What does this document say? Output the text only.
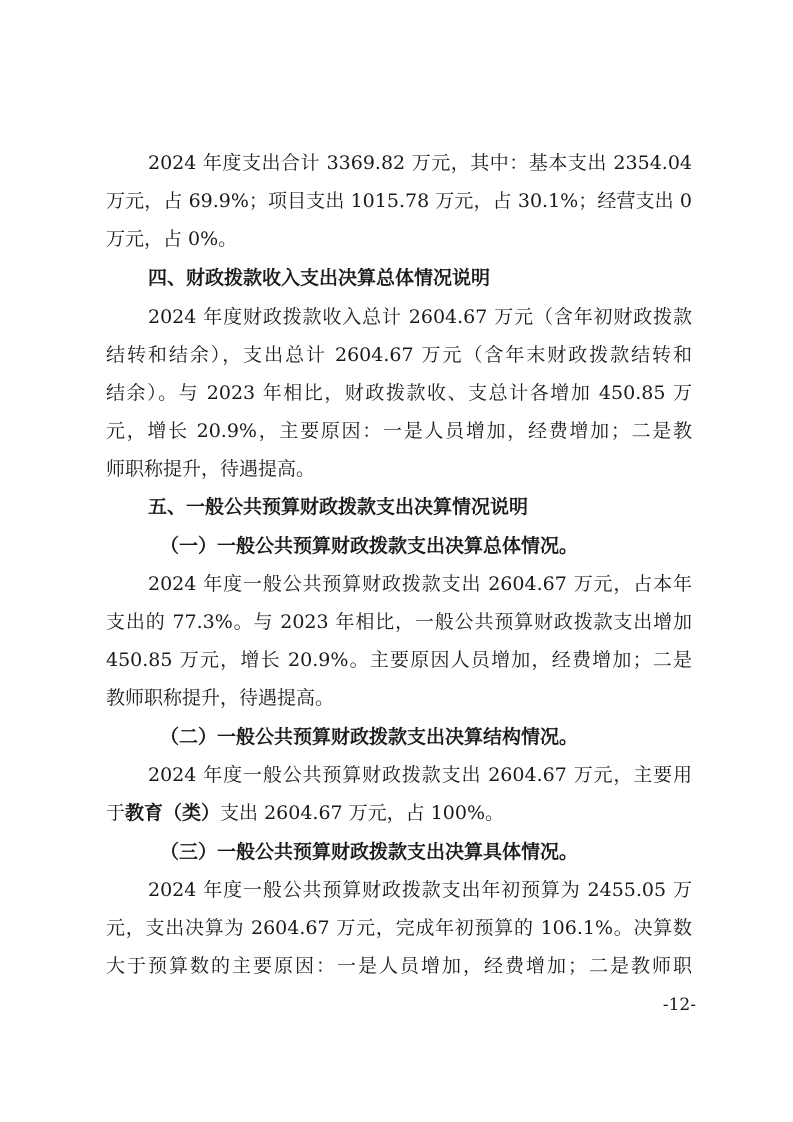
2024 年度支出合计 3369.82 万元，其中：基本支出 2354.04
万元，占 69.9%；项目支出 1015.78 万元，占 30.1%；经营支出 0
万元，占 0%。
四、财政拨款收入支出决算总体情况说明
2024 年度财政拨款收入总计 2604.67 万元（含年初财政拨款
结转和结余），支出总计 2604.67 万元（含年末财政拨款结转和
结余）。与 2023 年相比，财政拨款收、支总计各增加 450.85 万
元，增长 20.9%，主要原因：一是人员增加，经费增加；二是教
师职称提升，待遇提高。
五、一般公共预算财政拨款支出决算情况说明
（一）一般公共预算财政拨款支出决算总体情况。
2024 年度一般公共预算财政拨款支出 2604.67 万元，占本年
支出的 77.3%。与 2023 年相比，一般公共预算财政拨款支出增加
450.85 万元，增长 20.9%。主要原因人员增加，经费增加；二是
教师职称提升，待遇提高。
（二）一般公共预算财政拨款支出决算结构情况。
2024 年度一般公共预算财政拨款支出 2604.67 万元，主要用
于教育（类）支出 2604.67 万元，占 100%。
（三）一般公共预算财政拨款支出决算具体情况。
2024 年度一般公共预算财政拨款支出年初预算为 2455.05 万
元，支出决算为 2604.67 万元，完成年初预算的 106.1%。决算数
大于预算数的主要原因：一是人员增加，经费增加；二是教师职
-12-
